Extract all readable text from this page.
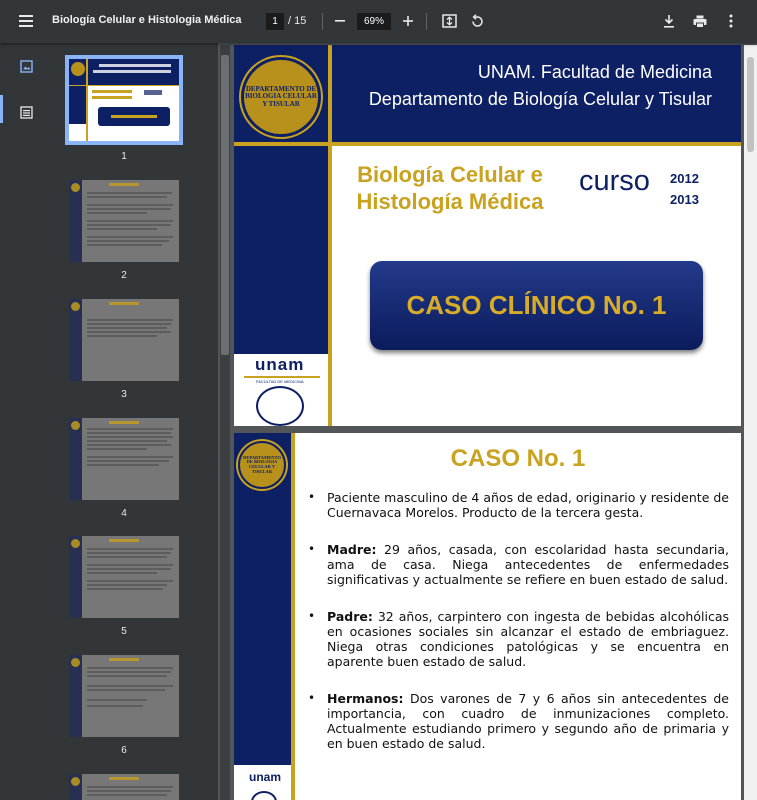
Biología Celular e Histologia Médica	1 / 15	69%
1
2
3
4
5
6
DEPARTAMENTO DE BIOLOGIA CELULAR Y TISULAR
UNAM. Facultad de Medicina
Departamento de Biología Celular y Tisular
Biología Celular e
Histología Médica
curso 2012
2013
CASO CLÍNICO No. 1
unam
FACULTAD DE MEDICINA
DEPARTAMENTO DE BIOLOGIA CELULAR Y TISULAR	CASO No. 1
• Paciente masculino de 4 años de edad, originario y residente de Cuernavaca Morelos. Producto de la tercera gesta.
• Madre: 29 años, casada, con escolaridad hasta secundaria, ama de casa. Niega antecedentes de enfermedades significativas y actualmente se refiere en buen estado de salud.
• Padre: 32 años, carpintero con ingesta de bebidas alcohólicas en ocasiones sociales sin alcanzar el estado de embriaguez. Niega otras condiciones patológicas y se encuentra en aparente buen estado de salud.
• Hermanos: Dos varones de 7 y 6 años sin antecedentes de importancia, con cuadro de inmunizaciones completo. Actualmente estudiando primero y segundo año de primaria y en buen estado de salud.
unam
